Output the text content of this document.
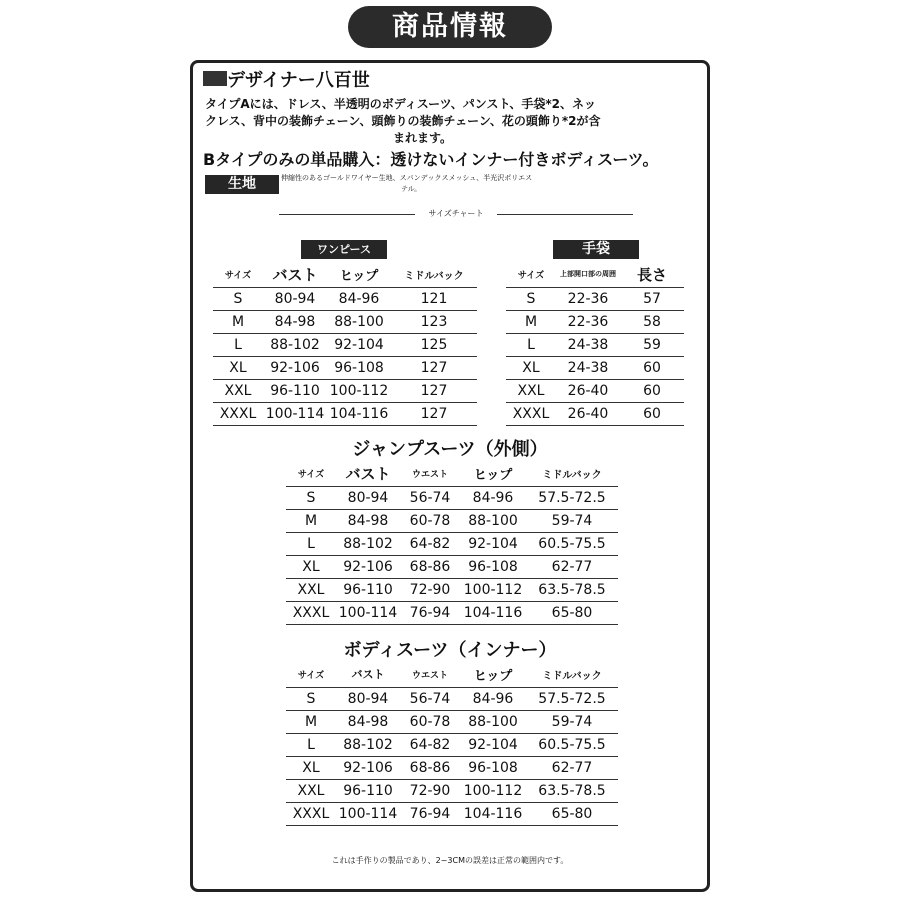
商品情報
デザイナー八百世
タイプAには、ドレス、半透明のボディスーツ、パンスト、手袋*2、ネッ
クレス、背中の装飾チェーン、頭飾りの装飾チェーン、花の頭飾り*2が含
まれます。
Bタイプのみの単品購入：透けないインナー付きボディスーツ。
生地	伸縮性のあるゴールドワイヤー生地、スパンデックスメッシュ、半光沢ポリエス
テル。
サイズチャート
ワンピース
サイズ	バスト	ヒップ	ミドルバック
S	80-94	84-96	121
M	84-98	88-100	123
L	88-102	92-104	125
XL	92-106	96-108	127
XXL	96-110	100-112	127
XXXL	100-114	104-116	127
手袋
サイズ	上部開口部の周囲	長さ
S	22-36	57
M	22-36	58
L	24-38	59
XL	24-38	60
XXL	26-40	60
XXXL	26-40	60
ジャンプスーツ（外側）
サイズ	バスト	ウエスト	ヒップ	ミドルバック
S	80-94	56-74	84-96	57.5-72.5
M	84-98	60-78	88-100	59-74
L	88-102	64-82	92-104	60.5-75.5
XL	92-106	68-86	96-108	62-77
XXL	96-110	72-90	100-112	63.5-78.5
XXXL	100-114	76-94	104-116	65-80
ボディスーツ（インナー）
サイズ	バスト	ウエスト	ヒップ	ミドルバック
S	80-94	56-74	84-96	57.5-72.5
M	84-98	60-78	88-100	59-74
L	88-102	64-82	92-104	60.5-75.5
XL	92-106	68-86	96-108	62-77
XXL	96-110	72-90	100-112	63.5-78.5
XXXL	100-114	76-94	104-116	65-80
これは手作りの製品であり、2~3CMの誤差は正常の範囲内です。
